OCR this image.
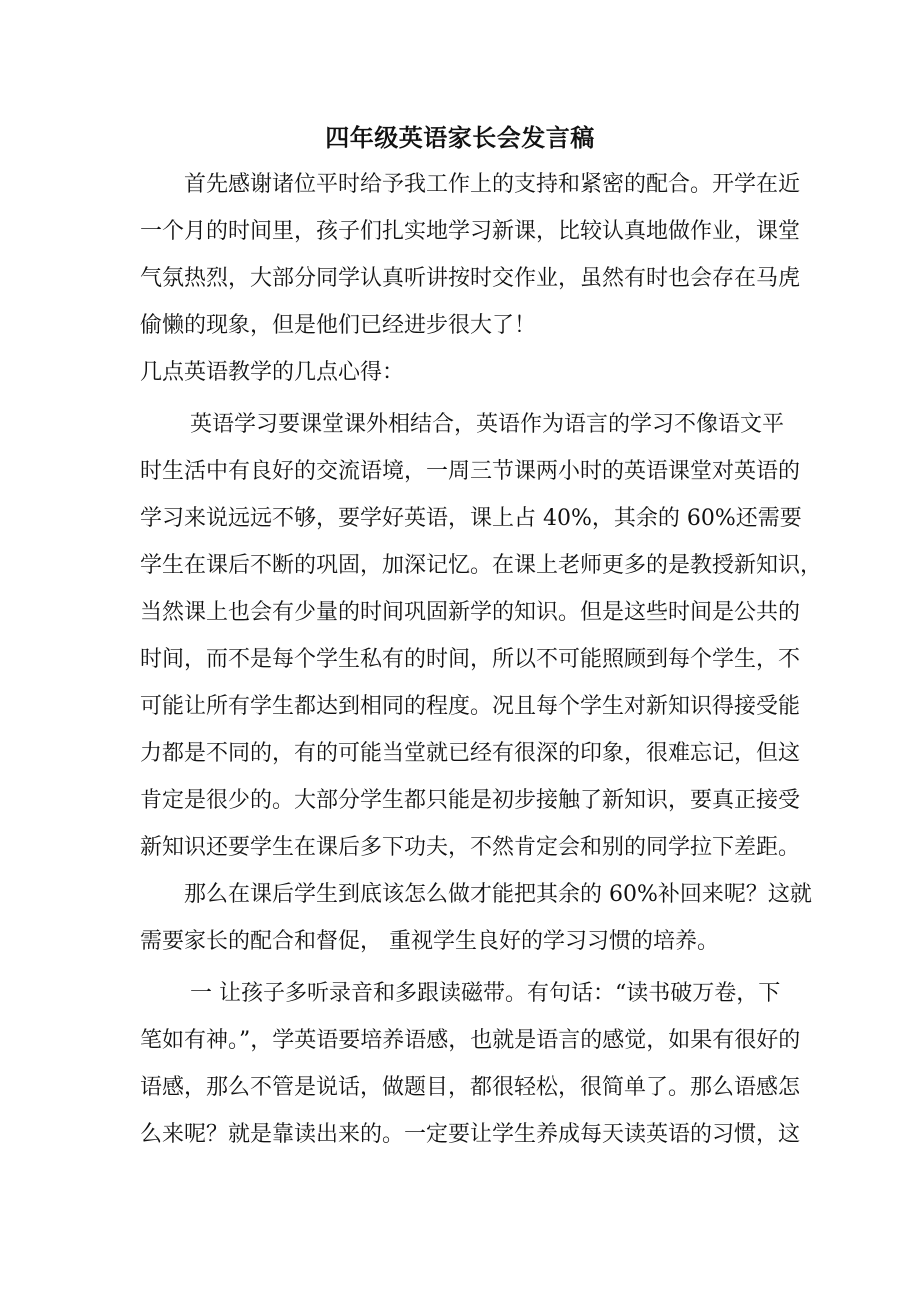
四年级英语家长会发言稿
首先感谢诸位平时给予我工作上的支持和紧密的配合。开学在近
一个月的时间里，孩子们扎实地学习新课，比较认真地做作业，课堂
气氛热烈，大部分同学认真听讲按时交作业，虽然有时也会存在马虎
偷懒的现象，但是他们已经进步很大了！
几点英语教学的几点心得：
英语学习要课堂课外相结合，英语作为语言的学习不像语文平
时生活中有良好的交流语境，一周三节课两小时的英语课堂对英语的
学习来说远远不够，要学好英语，课上占 40%，其余的 60%还需要
学生在课后不断的巩固，加深记忆。在课上老师更多的是教授新知识，
当然课上也会有少量的时间巩固新学的知识。但是这些时间是公共的
时间，而不是每个学生私有的时间，所以不可能照顾到每个学生，不
可能让所有学生都达到相同的程度。况且每个学生对新知识得接受能
力都是不同的，有的可能当堂就已经有很深的印象，很难忘记，但这
肯定是很少的。大部分学生都只能是初步接触了新知识，要真正接受
新知识还要学生在课后多下功夫，不然肯定会和别的同学拉下差距。
那么在课后学生到底该怎么做才能把其余的 60%补回来呢？这就
需要家长的配合和督促， 重视学生良好的学习习惯的培养。
一 让孩子多听录音和多跟读磁带。有句话：“读书破万卷，下
笔如有神。”，学英语要培养语感，也就是语言的感觉，如果有很好的
语感，那么不管是说话，做题目，都很轻松，很简单了。那么语感怎
么来呢？就是靠读出来的。一定要让学生养成每天读英语的习惯，这
